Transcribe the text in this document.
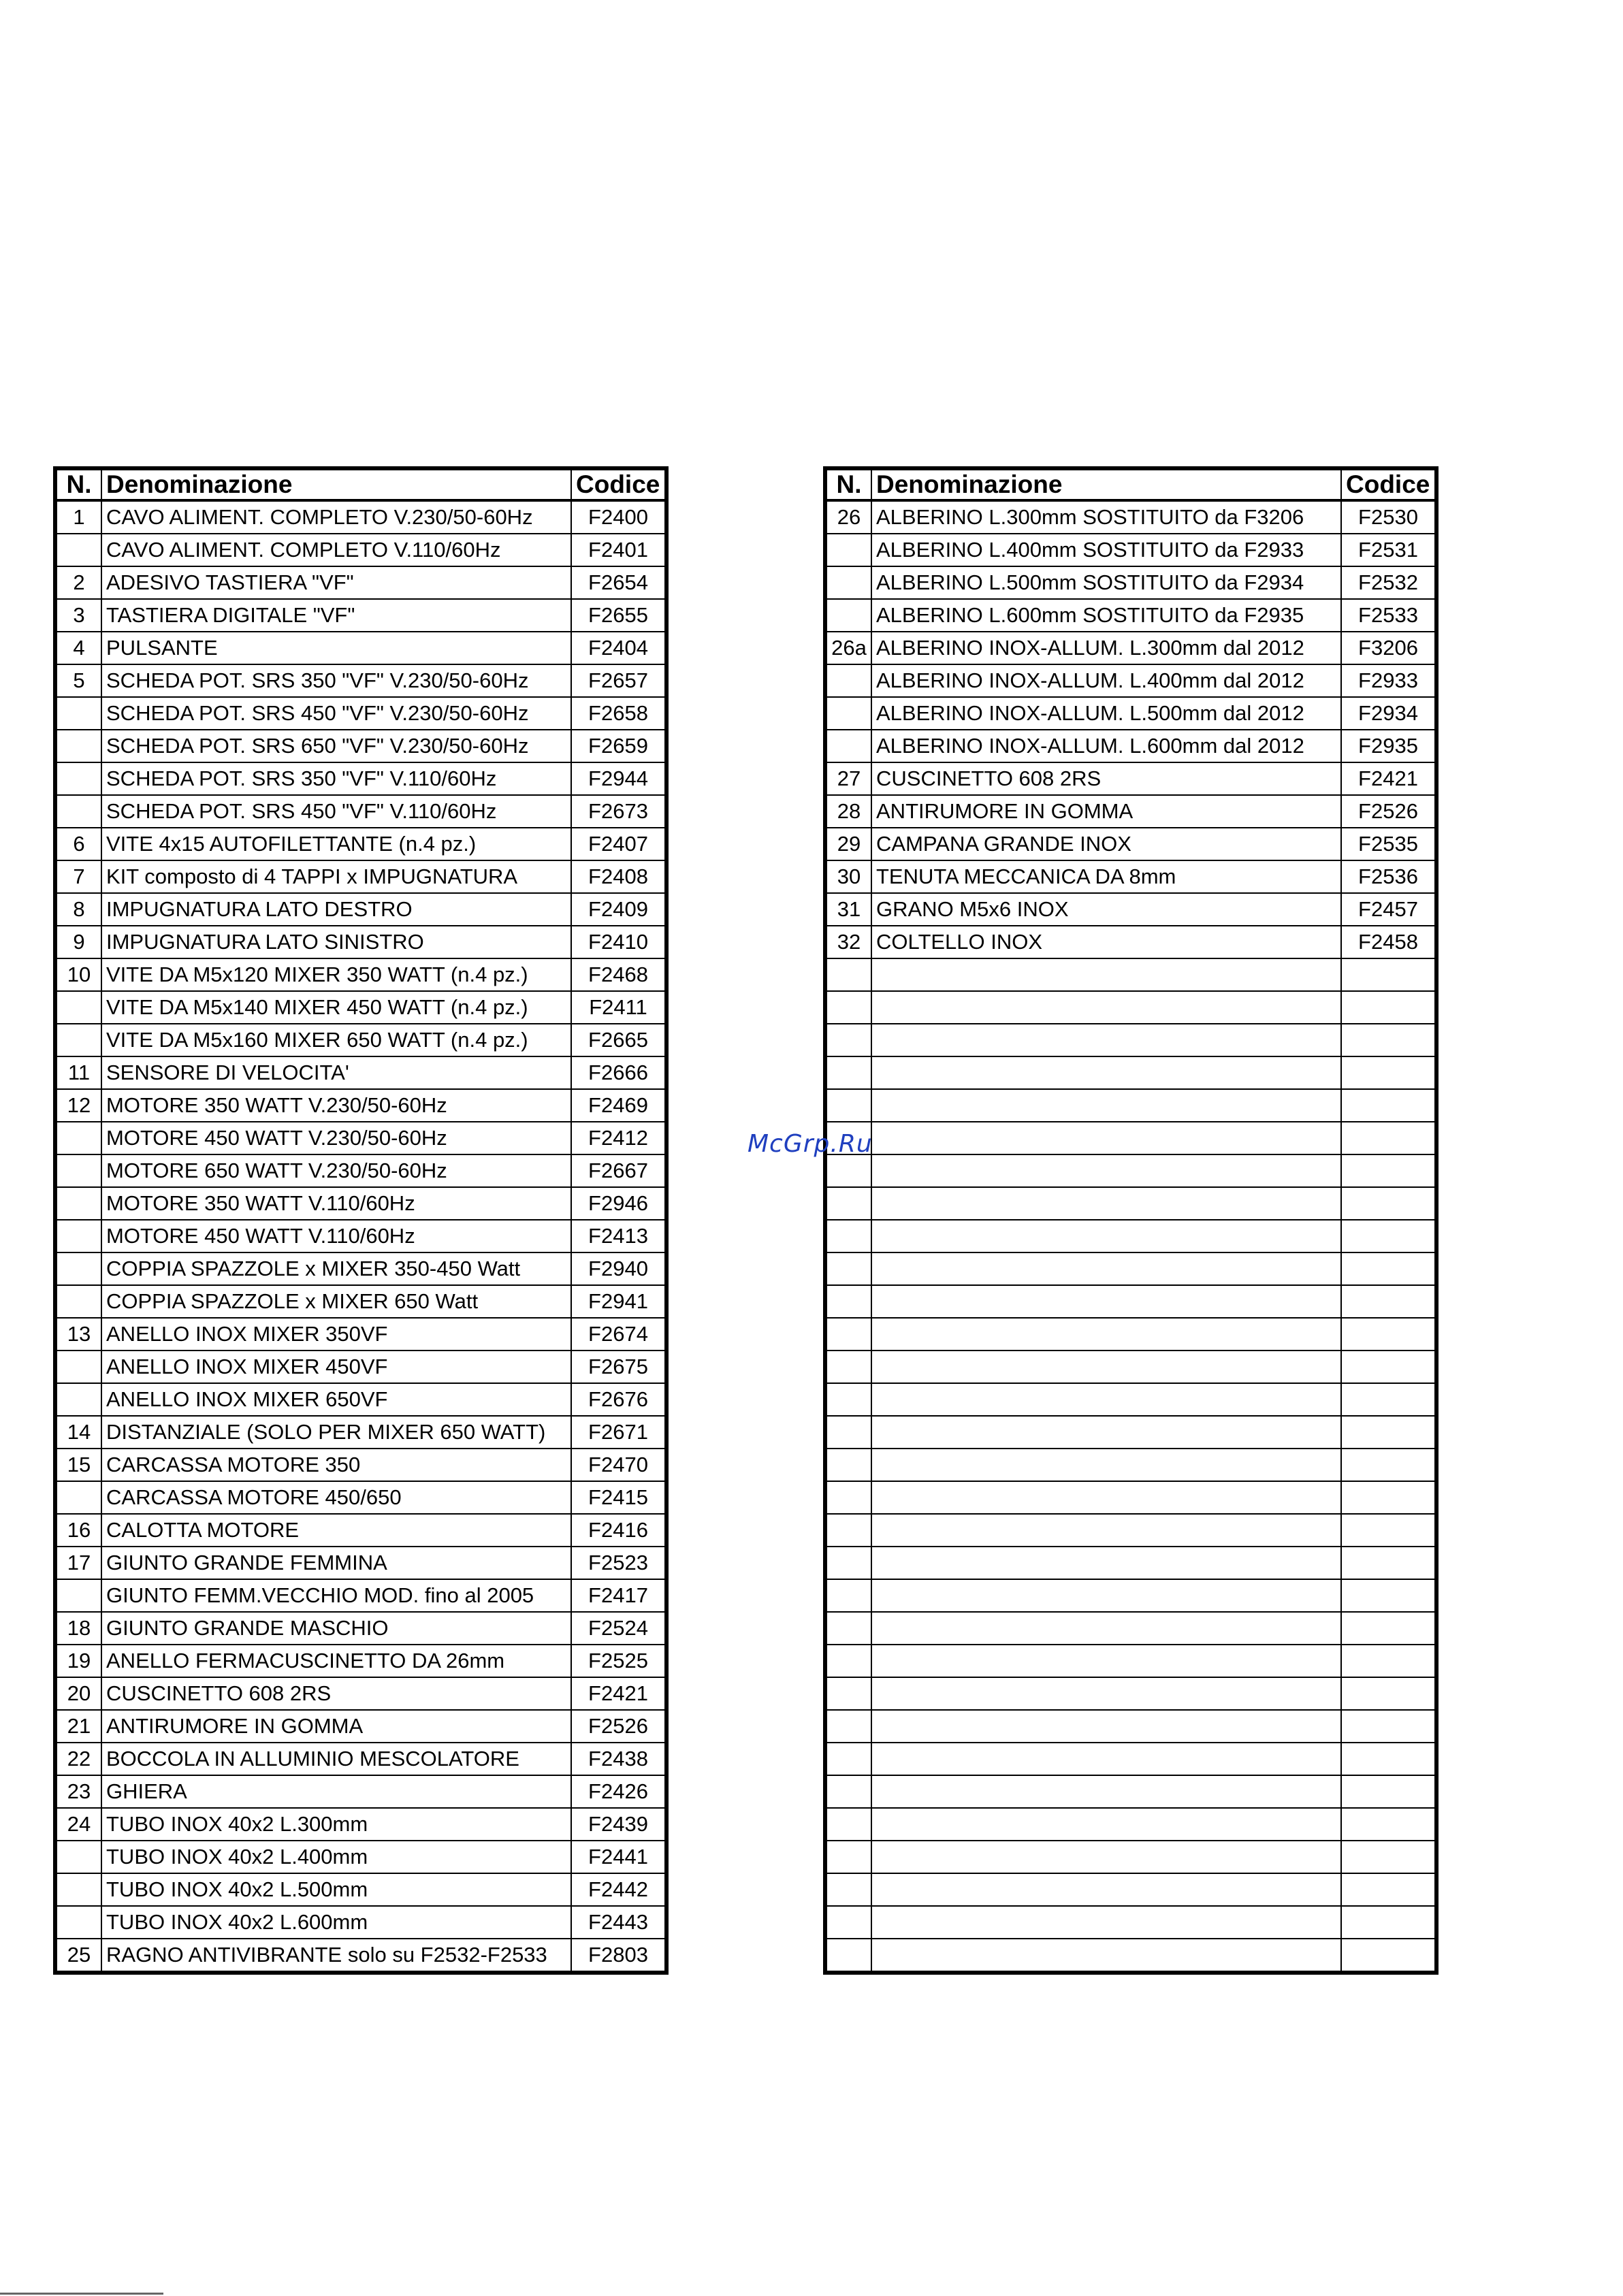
N.	Denominazione	Codice
1	CAVO ALIMENT. COMPLETO V.230/50-60Hz	F2400
	CAVO ALIMENT. COMPLETO V.110/60Hz	F2401
2	ADESIVO TASTIERA "VF"	F2654
3	TASTIERA DIGITALE "VF"	F2655
4	PULSANTE	F2404
5	SCHEDA POT. SRS 350 "VF" V.230/50-60Hz	F2657
	SCHEDA POT. SRS 450 "VF" V.230/50-60Hz	F2658
	SCHEDA POT. SRS 650 "VF" V.230/50-60Hz	F2659
	SCHEDA POT. SRS 350 "VF" V.110/60Hz	F2944
	SCHEDA POT. SRS 450 "VF" V.110/60Hz	F2673
6	VITE 4x15 AUTOFILETTANTE (n.4 pz.)	F2407
7	KIT composto di 4 TAPPI x IMPUGNATURA	F2408
8	IMPUGNATURA LATO DESTRO	F2409
9	IMPUGNATURA LATO SINISTRO	F2410
10	VITE DA M5x120 MIXER 350 WATT (n.4 pz.)	F2468
	VITE DA M5x140 MIXER 450 WATT (n.4 pz.)	F2411
	VITE DA M5x160 MIXER 650 WATT (n.4 pz.)	F2665
11	SENSORE DI VELOCITA'	F2666
12	MOTORE 350 WATT V.230/50-60Hz	F2469
	MOTORE 450 WATT V.230/50-60Hz	F2412
	MOTORE 650 WATT V.230/50-60Hz	F2667
	MOTORE 350 WATT V.110/60Hz	F2946
	MOTORE 450 WATT V.110/60Hz	F2413
	COPPIA SPAZZOLE x MIXER 350-450 Watt	F2940
	COPPIA SPAZZOLE x MIXER 650 Watt	F2941
13	ANELLO INOX MIXER 350VF	F2674
	ANELLO INOX MIXER 450VF	F2675
	ANELLO INOX MIXER 650VF	F2676
14	DISTANZIALE (SOLO PER MIXER 650 WATT)	F2671
15	CARCASSA MOTORE 350	F2470
	CARCASSA MOTORE 450/650	F2415
16	CALOTTA MOTORE	F2416
17	GIUNTO GRANDE FEMMINA	F2523
	GIUNTO FEMM.VECCHIO MOD. fino al 2005	F2417
18	GIUNTO GRANDE MASCHIO	F2524
19	ANELLO FERMACUSCINETTO DA 26mm	F2525
20	CUSCINETTO 608 2RS	F2421
21	ANTIRUMORE IN GOMMA	F2526
22	BOCCOLA IN ALLUMINIO MESCOLATORE	F2438
23	GHIERA	F2426
24	TUBO INOX 40x2 L.300mm	F2439
	TUBO INOX 40x2 L.400mm	F2441
	TUBO INOX 40x2 L.500mm	F2442
	TUBO INOX 40x2 L.600mm	F2443
25	RAGNO ANTIVIBRANTE solo su F2532-F2533	F2803
N.	Denominazione	Codice
26	ALBERINO L.300mm SOSTITUITO da F3206	F2530
	ALBERINO L.400mm SOSTITUITO da F2933	F2531
	ALBERINO L.500mm SOSTITUITO da F2934	F2532
	ALBERINO L.600mm SOSTITUITO da F2935	F2533
26a	ALBERINO INOX-ALLUM. L.300mm dal 2012	F3206
	ALBERINO INOX-ALLUM. L.400mm dal 2012	F2933
	ALBERINO INOX-ALLUM. L.500mm dal 2012	F2934
	ALBERINO INOX-ALLUM. L.600mm dal 2012	F2935
27	CUSCINETTO 608 2RS	F2421
28	ANTIRUMORE IN GOMMA	F2526
29	CAMPANA GRANDE INOX	F2535
30	TENUTA MECCANICA DA 8mm	F2536
31	GRANO M5x6 INOX	F2457
32	COLTELLO INOX	F2458

McGrp.Ru
